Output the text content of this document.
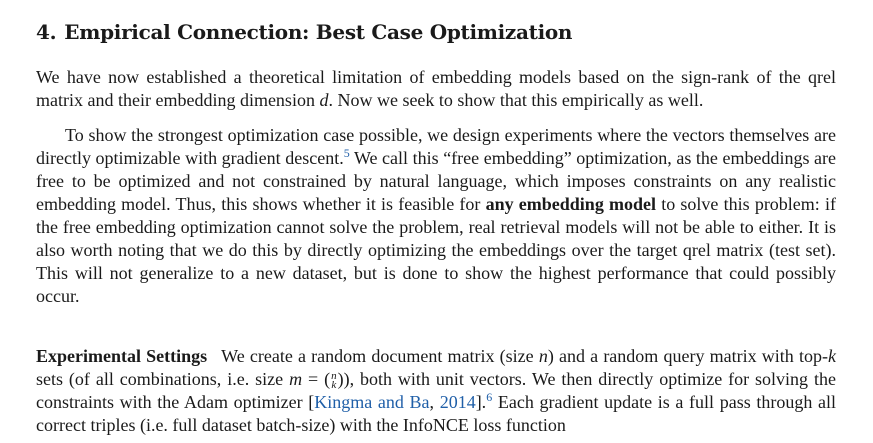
4. Empirical Connection: Best Case Optimization

We have now established a theoretical limitation of embedding models based on the sign-rank of the qrel matrix and their embedding dimension d. Now we seek to show that this empirically as well.

To show the strongest optimization case possible, we design experiments where the vectors themselves are directly optimizable with gradient descent.$^5$ We call this “free embedding” optimization, as the embeddings are free to be optimized and not constrained by natural language, which imposes constraints on any realistic embedding model. Thus, this shows whether it is feasible for any embedding model to solve this problem: if the free embedding optimization cannot solve the problem, real retrieval models will not be able to either. It is also worth noting that we do this by directly optimizing the embeddings over the target qrel matrix (test set). This will not generalize to a new dataset, but is done to show the highest performance that could possibly occur.

Experimental Settings We create a random document matrix (size n) and a random query matrix with top-k sets (of all combinations, i.e. size m = ( n
k )), both with unit vectors. We then directly optimize for solving the constraints with the Adam optimizer [Kingma and Ba, 2014].$^6$ Each gradient update is a full pass through all correct triples (i.e. full dataset batch-size) with the InfoNCE loss function
